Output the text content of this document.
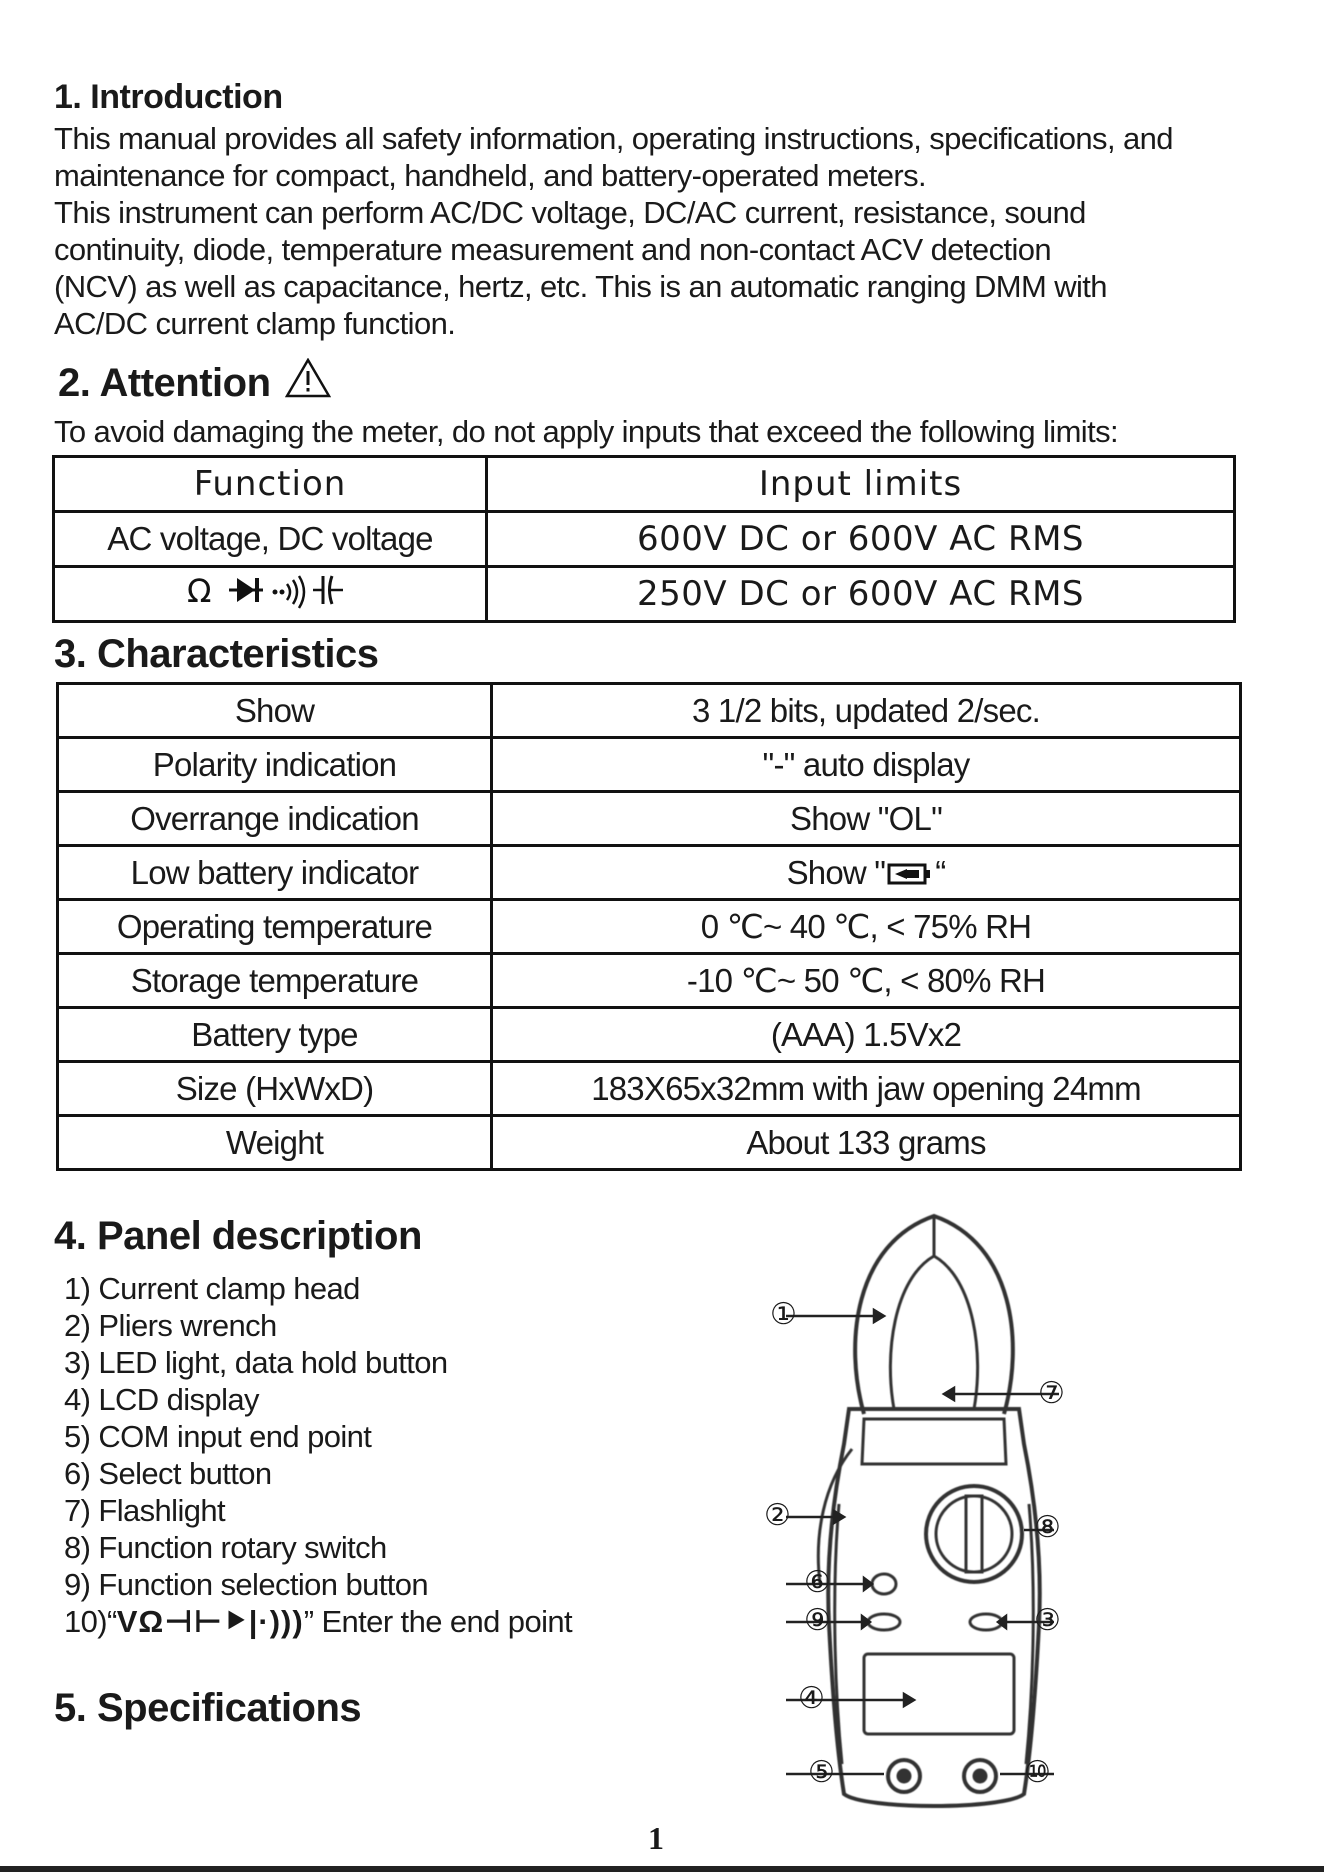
1. Introduction
This manual provides all safety information, operating instructions, specifications, and
maintenance for compact, handheld, and battery-operated meters.
This instrument can perform AC/DC voltage, DC/AC current, resistance, sound
continuity, diode, temperature measurement and non-contact ACV detection
(NCV) as well as capacitance, hertz, etc. This is an automatic ranging DMM with
AC/DC current clamp function.
2. Attention
To avoid damaging the meter, do not apply inputs that exceed the following limits:
Function	Input limits
AC voltage, DC voltage	600V DC or 600V AC RMS

Ω	250V DC or 600V AC RMS
3. Characteristics
Show	3 1/2 bits, updated 2/sec.
Polarity indication	"-" auto display
Overrange indication	Show "OL"
Low battery indicator	Show " “
Operating temperature	0 ℃~ 40 ℃, < 75% RH
Storage temperature	-10 ℃~ 50 ℃, < 80% RH
Battery type	(AAA) 1.5Vx2
Size (HxWxD)	183X65x32mm with jaw opening 24mm
Weight	About 133 grams
4. Panel description
1) Current clamp head
2) Pliers wrench
3) LED light, data hold button
4) LCD display
5) COM input end point
6) Select button
7) Flashlight
8) Function rotary switch
9) Function selection button
10)“VΩ⊣⊢⯈|·)))” Enter the end point
①
⑦
②	⑧
⑥
⑨	③
④
⑤	⑩
5. Specifications
1
